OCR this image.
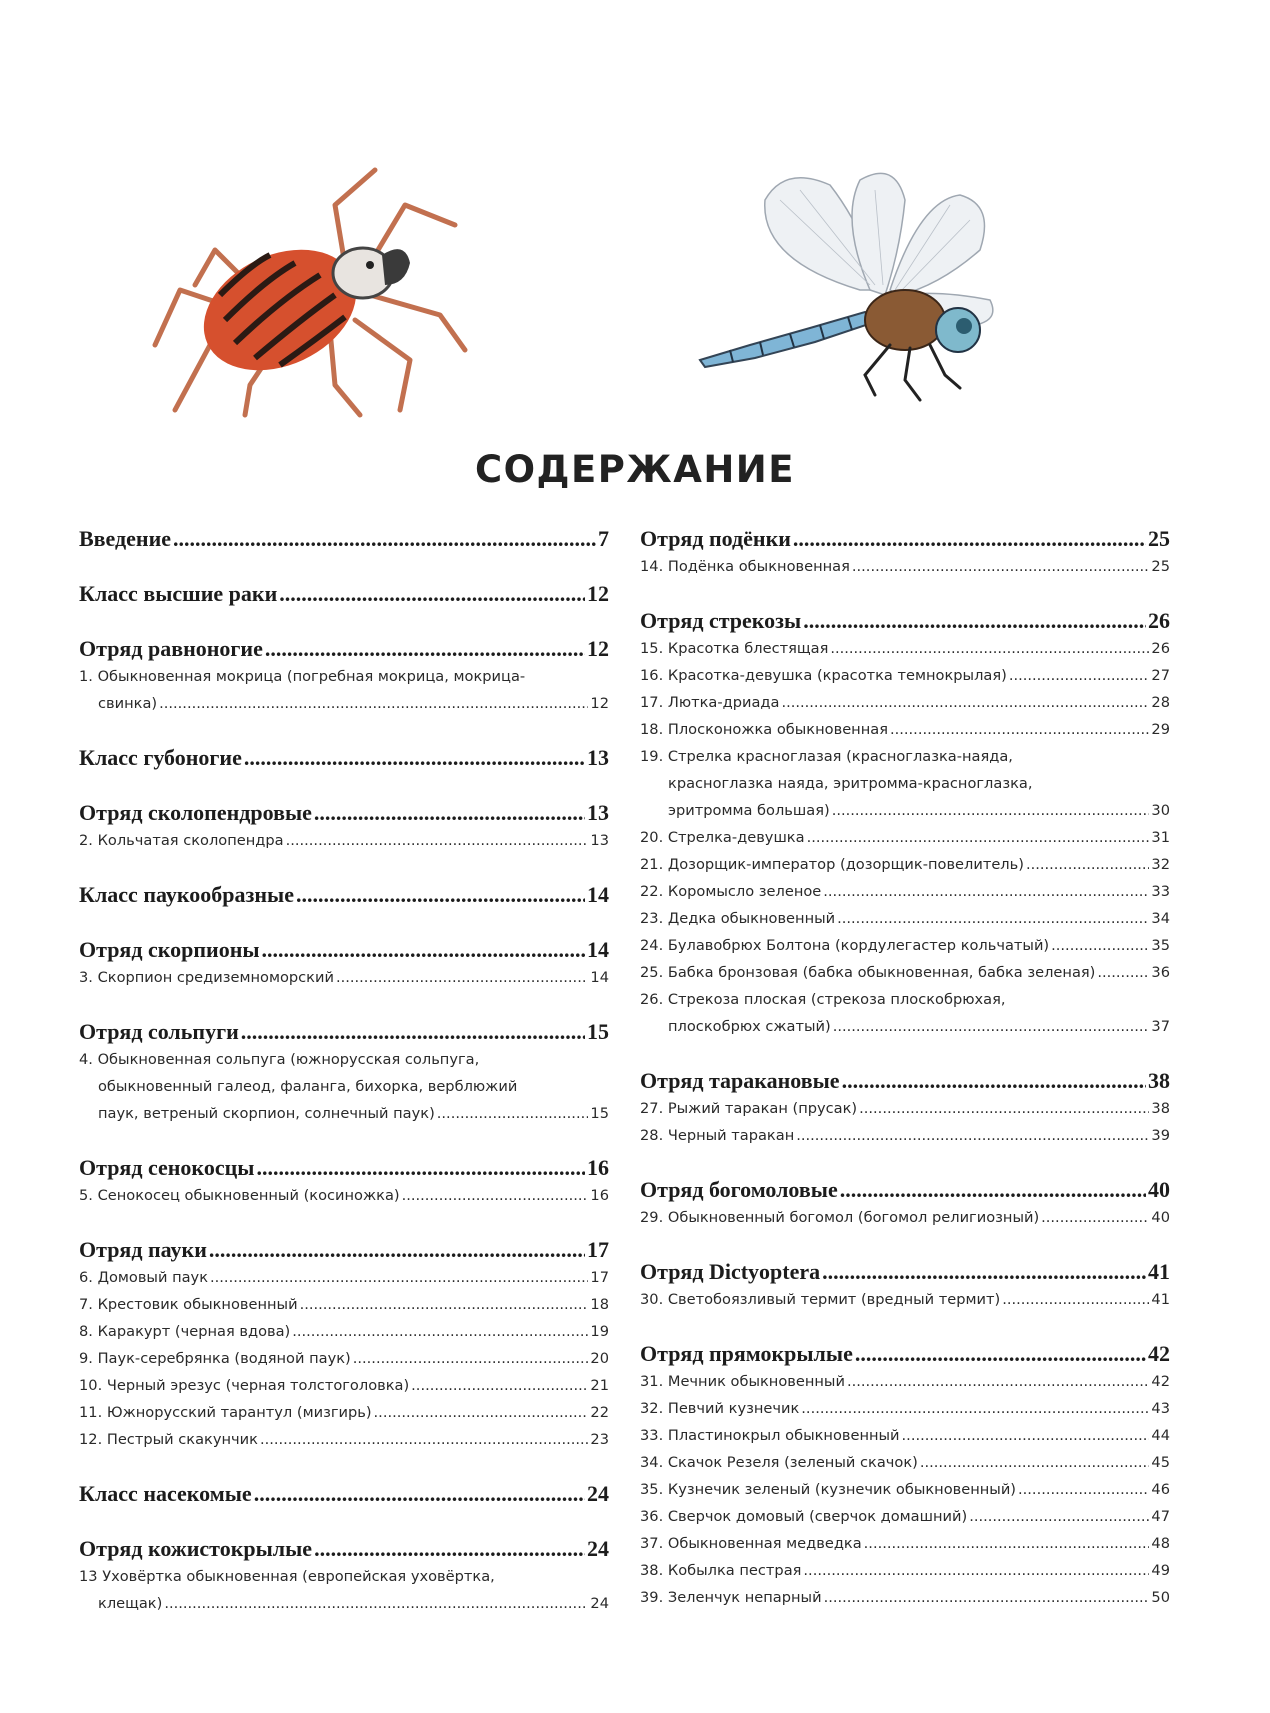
СОДЕРЖАНИЕ
Введение .....	7
Класс высшие раки .....	12
Отряд равноногие .....	12
1. Обыкновенная мокрица (погребная мокрица, мокрица-
свинка) .....	12
Класс губоногие .....	13
Отряд сколопендровые .....	13
2. Кольчатая сколопендра .....	13
Класс паукообразные .....	14
Отряд скорпионы .....	14
3. Скорпион средиземноморский .....	14
Отряд сольпуги .....	15
4. Обыкновенная сольпуга (южнорусская сольпуга,
обыкновенный галеод, фаланга, бихорка, верблюжий
паук, ветреный скорпион, солнечный паук) .....	15
Отряд сенокосцы .....	16
5. Сенокосец обыкновенный (косиножка) .....	16
Отряд пауки .....	17
6. Домовый паук .....	17
7. Крестовик обыкновенный .....	18
8. Каракурт (черная вдова) .....	19
9. Паук-серебрянка (водяной паук) .....	20
10. Черный эрезус (черная толстоголовка) .....	21
11. Южнорусский тарантул (мизгирь) .....	22
12. Пестрый скакунчик .....	23
Класс насекомые .....	24
Отряд кожистокрылые .....	24
13 Уховёртка обыкновенная (европейская уховёртка,
клещак) .....	24
Отряд подёнки .....	25
14. Подёнка обыкновенная .....	25
Отряд стрекозы .....	26
15. Красотка блестящая .....	26
16. Красотка-девушка (красотка темнокрылая) .....	27
17. Лютка-дриада .....	28
18. Плосконожка обыкновенная .....	29
19. Стрелка красноглазая (красноглазка-наяда,
красноглазка наяда, эритромма-красноглазка,
эритромма большая) .....	30
20. Стрелка-девушка .....	31
21. Дозорщик-император (дозорщик-повелитель) .....	32
22. Коромысло зеленое .....	33
23. Дедка обыкновенный .....	34
24. Булавобрюх Болтона (кордулегастер кольчатый) .....	35
25. Бабка бронзовая (бабка обыкновенная, бабка зеленая) .....	36
26. Стрекоза плоская (стрекоза плоскобрюхая,
плоскобрюх сжатый) .....	37
Отряд таракановые .....	38
27. Рыжий таракан (прусак) .....	38
28. Черный таракан .....	39
Отряд богомоловые .....	40
29. Обыкновенный богомол (богомол религиозный) .....	40
Отряд Dictyoptera .....	41
30. Светобоязливый термит (вредный термит) .....	41
Отряд прямокрылые .....	42
31. Мечник обыкновенный .....	42
32. Певчий кузнечик .....	43
33. Пластинокрыл обыкновенный .....	44
34. Скачок Резеля (зеленый скачок) .....	45
35. Кузнечик зеленый (кузнечик обыкновенный) .....	46
36. Сверчок домовый (сверчок домашний) .....	47
37. Обыкновенная медведка .....	48
38. Кобылка пестрая .....	49
39. Зеленчук непарный .....	50
